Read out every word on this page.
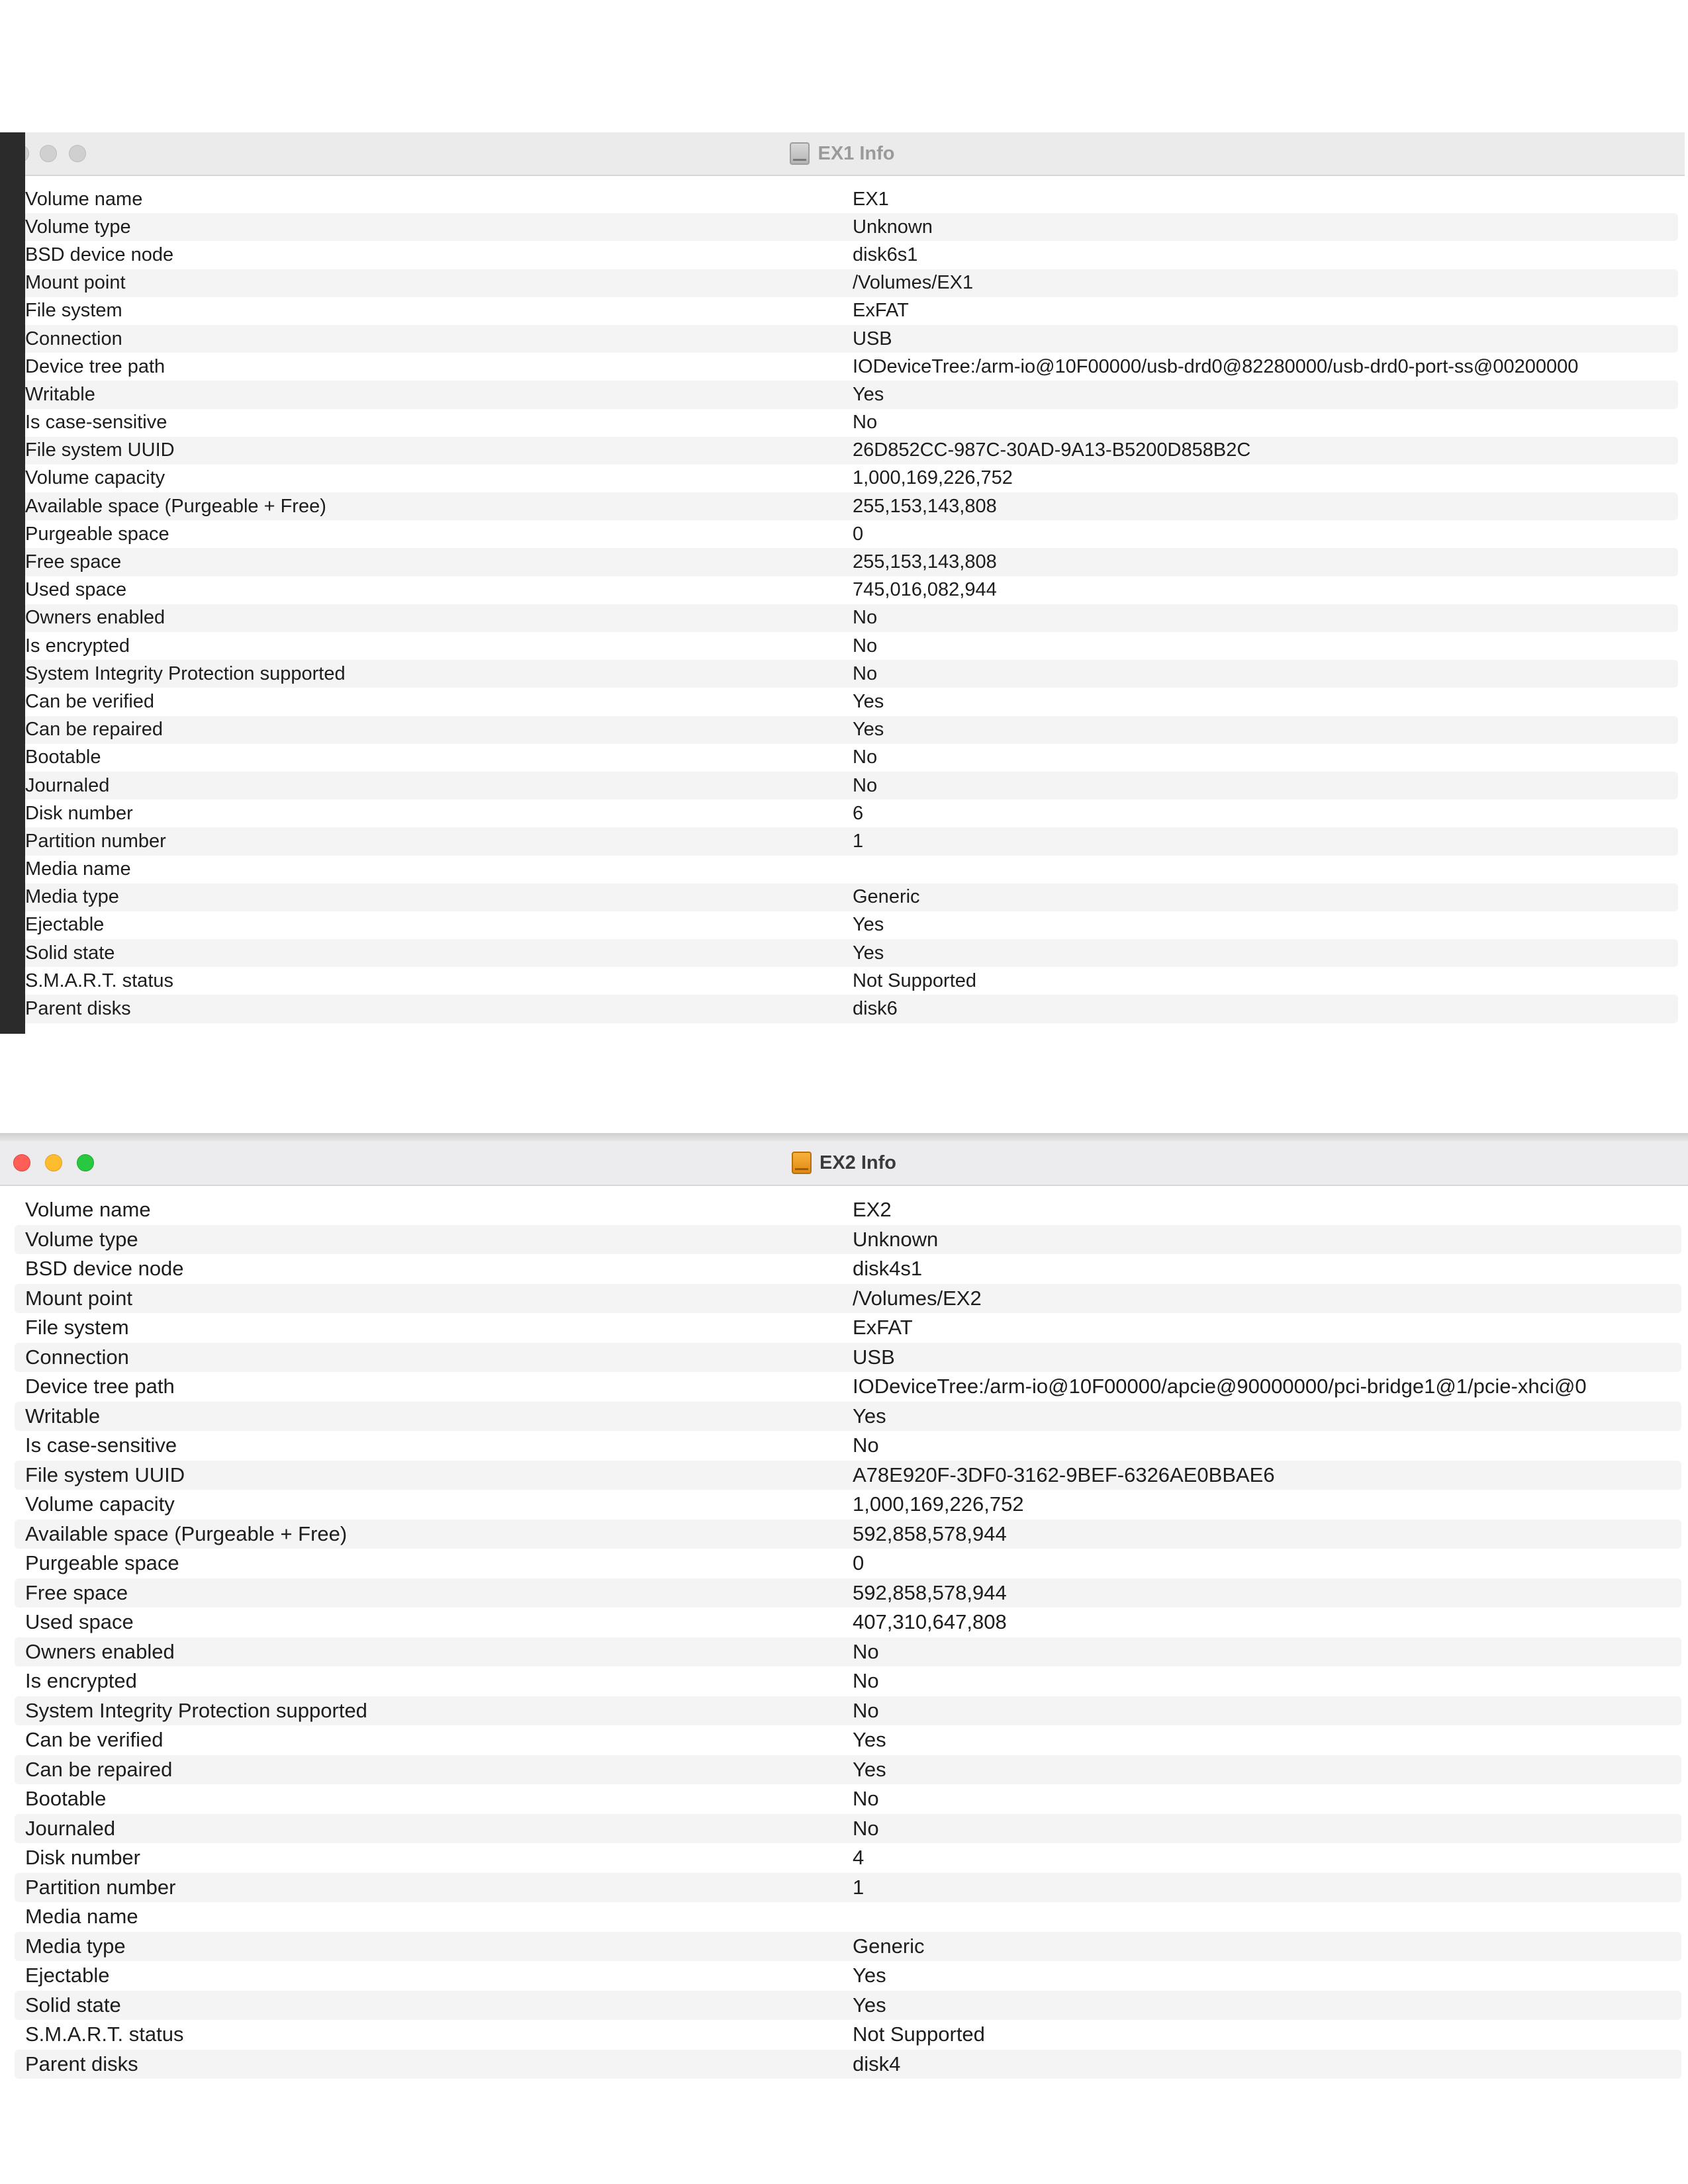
EX1 Info
Volume name	EX1
Volume type	Unknown
BSD device node	disk6s1
Mount point	/Volumes/EX1
File system	ExFAT
Connection	USB
Device tree path	IODeviceTree:/arm-io@10F00000/usb-drd0@82280000/usb-drd0-port-ss@00200000
Writable	Yes
Is case-sensitive	No
File system UUID	26D852CC-987C-30AD-9A13-B5200D858B2C
Volume capacity	1,000,169,226,752
Available space (Purgeable + Free)	255,153,143,808
Purgeable space	0
Free space	255,153,143,808
Used space	745,016,082,944
Owners enabled	No
Is encrypted	No
System Integrity Protection supported	No
Can be verified	Yes
Can be repaired	Yes
Bootable	No
Journaled	No
Disk number	6
Partition number	1
Media name
Media type	Generic
Ejectable	Yes
Solid state	Yes
S.M.A.R.T. status	Not Supported
Parent disks	disk6
EX2 Info
Volume name	EX2
Volume type	Unknown
BSD device node	disk4s1
Mount point	/Volumes/EX2
File system	ExFAT
Connection	USB
Device tree path	IODeviceTree:/arm-io@10F00000/apcie@90000000/pci-bridge1@1/pcie-xhci@0
Writable	Yes
Is case-sensitive	No
File system UUID	A78E920F-3DF0-3162-9BEF-6326AE0BBAE6
Volume capacity	1,000,169,226,752
Available space (Purgeable + Free)	592,858,578,944
Purgeable space	0
Free space	592,858,578,944
Used space	407,310,647,808
Owners enabled	No
Is encrypted	No
System Integrity Protection supported	No
Can be verified	Yes
Can be repaired	Yes
Bootable	No
Journaled	No
Disk number	4
Partition number	1
Media name
Media type	Generic
Ejectable	Yes
Solid state	Yes
S.M.A.R.T. status	Not Supported
Parent disks	disk4
